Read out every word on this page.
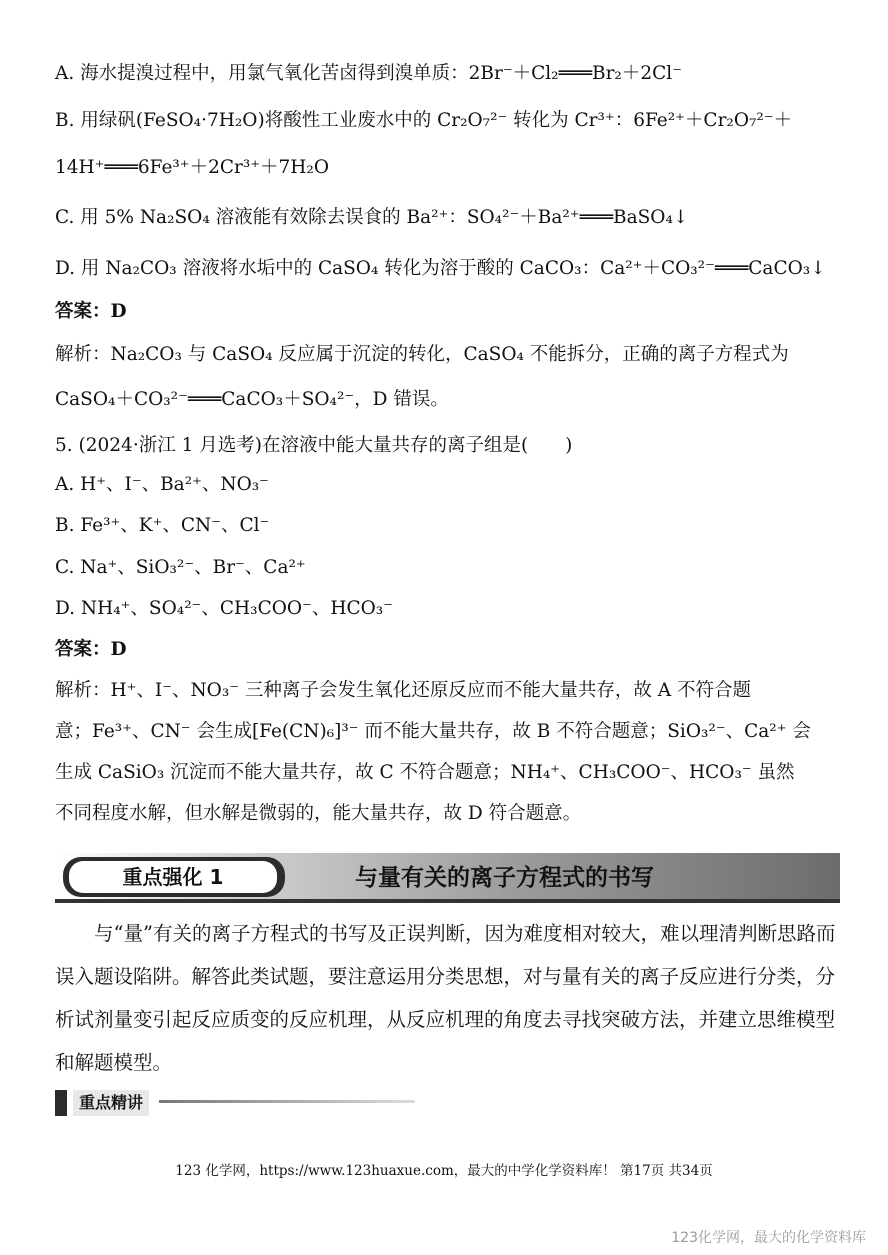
A. 海水提溴过程中，用氯气氧化苦卤得到溴单质：2Br⁻＋Cl₂═══Br₂＋2Cl⁻
B. 用绿矾(FeSO₄·7H₂O)将酸性工业废水中的 Cr₂O₇²⁻ 转化为 Cr³⁺：6Fe²⁺＋Cr₂O₇²⁻＋
14H⁺═══6Fe³⁺＋2Cr³⁺＋7H₂O
C. 用 5% Na₂SO₄ 溶液能有效除去误食的 Ba²⁺：SO₄²⁻＋Ba²⁺═══BaSO₄↓
D. 用 Na₂CO₃ 溶液将水垢中的 CaSO₄ 转化为溶于酸的 CaCO₃：Ca²⁺＋CO₃²⁻═══CaCO₃↓
答案：D
解析：Na₂CO₃ 与 CaSO₄ 反应属于沉淀的转化，CaSO₄ 不能拆分，正确的离子方程式为
CaSO₄＋CO₃²⁻═══CaCO₃＋SO₄²⁻，D 错误。
5. (2024·浙江 1 月选考)在溶液中能大量共存的离子组是(　　)
A. H⁺、I⁻、Ba²⁺、NO₃⁻
B. Fe³⁺、K⁺、CN⁻、Cl⁻
C. Na⁺、SiO₃²⁻、Br⁻、Ca²⁺
D. NH₄⁺、SO₄²⁻、CH₃COO⁻、HCO₃⁻
答案：D
解析：H⁺、I⁻、NO₃⁻ 三种离子会发生氧化还原反应而不能大量共存，故 A 不符合题
意；Fe³⁺、CN⁻ 会生成[Fe(CN)₆]³⁻ 而不能大量共存，故 B 不符合题意；SiO₃²⁻、Ca²⁺ 会
生成 CaSiO₃ 沉淀而不能大量共存，故 C 不符合题意；NH₄⁺、CH₃COO⁻、HCO₃⁻ 虽然
不同程度水解，但水解是微弱的，能大量共存，故 D 符合题意。
重点强化 1	与量有关的离子方程式的书写
与“量”有关的离子方程式的书写及正误判断，因为难度相对较大，难以理清判断思路而误入题设陷阱。解答此类试题，要注意运用分类思想，对与量有关的离子反应进行分类，分析试剂量变引起反应质变的反应机理，从反应机理的角度去寻找突破方法，并建立思维模型和解题模型。
重点精讲
123 化学网，https://www.123huaxue.com，最大的中学化学资料库！ 第17页 共34页
123化学网，最大的化学资料库
